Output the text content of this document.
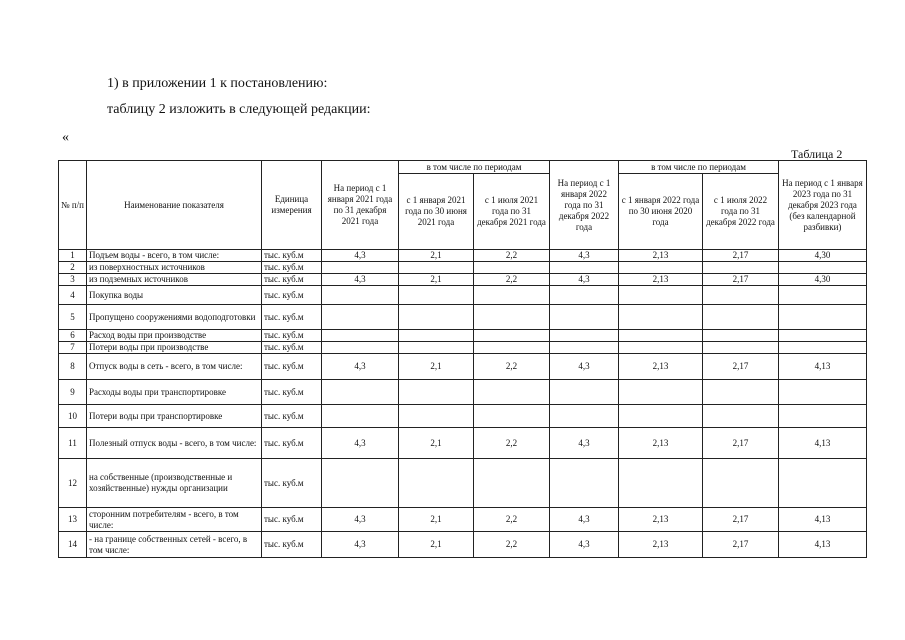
1) в приложении 1 к постановлению:
таблицу 2 изложить в следующей редакции:
«
Таблица 2
№ п/п	Наименование показателя	Единица измерения	На период с 1 января 2021 года по 31 декабря 2021 года	в том числе по периодам		На период с 1 января 2022 года по 31 декабря 2022 года	в том числе по периодам		На период с 1 января 2023 года по 31 декабря 2023 года (без календарной разбивки)
				с 1 января 2021 года по 30 июня 2021 года	с 1 июля 2021 года по 31 декабря 2021 года		с 1 января 2022 года по 30 июня 2020 года	с 1 июля 2022 года по 31 декабря 2022 года	
1	Подъем воды - всего, в том числе:	тыс. куб.м	4,3	2,1	2,2	4,3	2,13	2,17	4,30
2	из поверхностных источников	тыс. куб.м							
3	из подземных источников	тыс. куб.м	4,3	2,1	2,2	4,3	2,13	2,17	4,30
4	Покупка воды	тыс. куб.м							
5	Пропущено сооружениями водоподготовки	тыс. куб.м							
6	Расход воды при производстве	тыс. куб.м							
7	Потери воды при производстве	тыс. куб.м							
8	Отпуск воды в сеть - всего, в том числе:	тыс. куб.м	4,3	2,1	2,2	4,3	2,13	2,17	4,13
9	Расходы воды при транспортировке	тыс. куб.м							
10	Потери воды при транспортировке	тыс. куб.м							
11	Полезный отпуск воды - всего, в том числе:	тыс. куб.м	4,3	2,1	2,2	4,3	2,13	2,17	4,13
12	на собственные (производственные и хозяйственные) нужды организации	тыс. куб.м							
13	сторонним потребителям - всего, в том числе:	тыс. куб.м	4,3	2,1	2,2	4,3	2,13	2,17	4,13
14	- на границе собственных сетей - всего, в том числе:	тыс. куб.м	4,3	2,1	2,2	4,3	2,13	2,17	4,13
